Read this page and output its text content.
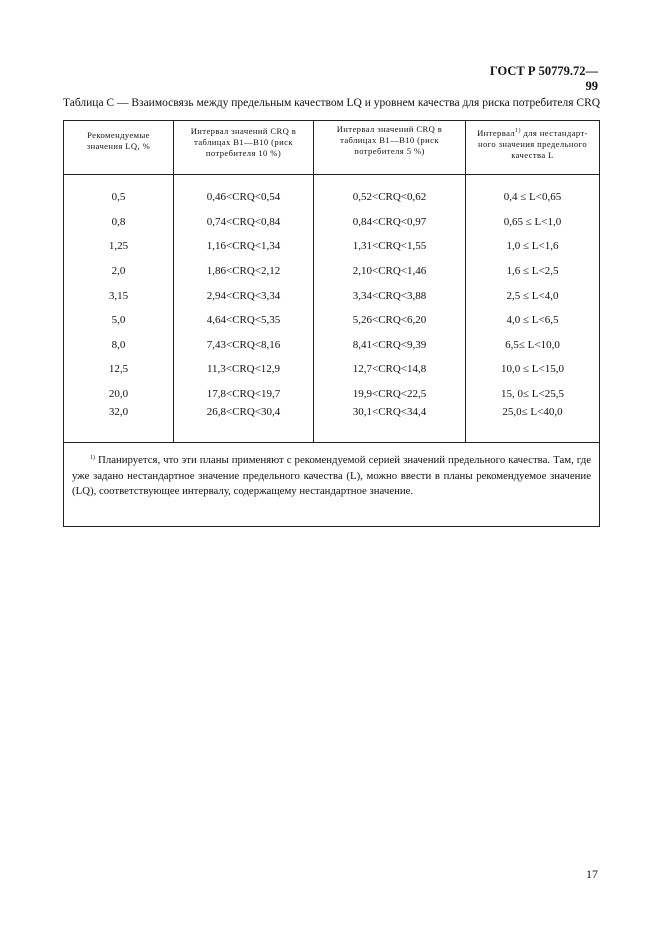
ГОСТ Р 50779.72—99
Таблица С — Взаимосвязь между предельным качеством LQ и уровнем качества для риска потребителя CRQ
Рекомендуемые значения LQ, %	Интервал значений CRQ в таблицах В1—В10 (риск потребителя 10 %)	Интервал значений CRQ в таблицах В1—В10 (риск потребителя 5 %)	Интервал$^{1)}$ для нестандарт- ного значения предельного качества L

0,5	0,46<CRQ<0,54	0,52<CRQ<0,62	0,4 ≤ L<0,65
0,8	0,74<CRQ<0,84	0,84<CRQ<0,97	0,65 ≤ L<1,0
1,25	1,16<CRQ<1,34	1,31<CRQ<1,55	1,0 ≤ L<1,6
2,0	1,86<CRQ<2,12	2,10<CRQ<1,46	1,6 ≤ L<2,5
3,15	2,94<CRQ<3,34	3,34<CRQ<3,88	2,5 ≤ L<4,0
5,0	4,64<CRQ<5,35	5,26<CRQ<6,20	4,0 ≤ L<6,5
8,0	7,43<CRQ<8,16	8,41<CRQ<9,39	6,5≤ L<10,0
12,5	11,3<CRQ<12,9	12,7<CRQ<14,8	10,0 ≤ L<15,0
20,0	17,8<CRQ<19,7	19,9<CRQ<22,5	15, 0≤ L<25,5
32,0	26,8<CRQ<30,4	30,1<CRQ<34,4	25,0≤ L<40,0
$^{1)}$ Планируется, что эти планы применяют с рекомендуемой серией значений предельного качества. Там, где уже задано нестандартное значение предельного качества (L), можно ввести в планы рекомендуемое значение (LQ), соответствующее интервалу, содержащему нестандартное значение.			
17
